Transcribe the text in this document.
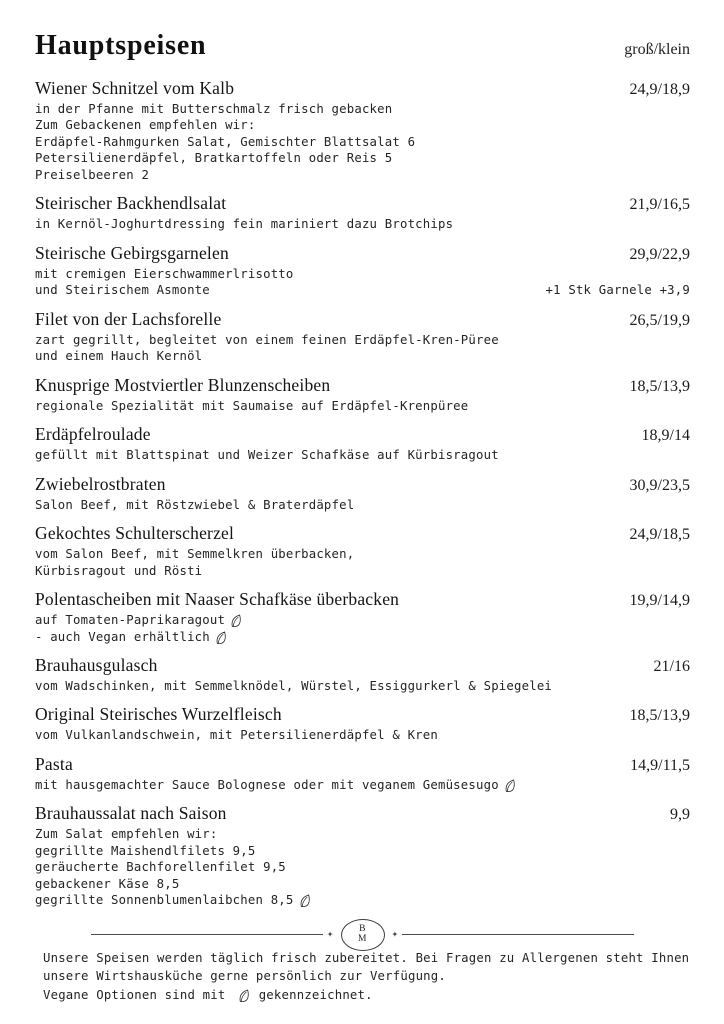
Hauptspeisen	groß/klein
Wiener Schnitzel vom Kalb	24,9/18,9
in der Pfanne mit Butterschmalz frisch gebacken
Zum Gebackenen empfehlen wir:
Erdäpfel-Rahmgurken Salat, Gemischter Blattsalat 6
Petersilienerdäpfel, Bratkartoffeln oder Reis 5
Preiselbeeren 2
Steirischer Backhendlsalat	21,9/16,5
in Kernöl-Joghurtdressing fein mariniert dazu Brotchips
Steirische Gebirgsgarnelen	29,9/22,9
mit cremigen Eierschwammerlrisotto
und Steirischem Asmonte	+1 Stk Garnele +3,9
Filet von der Lachsforelle	26,5/19,9
zart gegrillt, begleitet von einem feinen Erdäpfel-Kren-Püree
und einem Hauch Kernöl
Knusprige Mostviertler Blunzenscheiben	18,5/13,9
regionale Spezialität mit Saumaise auf Erdäpfel-Krenpüree
Erdäpfelroulade	18,9/14
gefüllt mit Blattspinat und Weizer Schafkäse auf Kürbisragout
Zwiebelrostbraten	30,9/23,5
Salon Beef, mit Röstzwiebel & Braterdäpfel
Gekochtes Schulterscherzel	24,9/18,5
vom Salon Beef, mit Semmelkren überbacken,
Kürbisragout und Rösti
Polentascheiben mit Naaser Schafkäse überbacken	19,9/14,9
auf Tomaten-Paprikaragout
- auch Vegan erhältlich
Brauhausgulasch	21/16
vom Wadschinken, mit Semmelknödel, Würstel, Essiggurkerl & Spiegelei
Original Steirisches Wurzelfleisch	18,5/13,9
vom Vulkanlandschwein, mit Petersilienerdäpfel & Kren
Pasta	14,9/11,5
mit hausgemachter Sauce Bolognese oder mit veganem Gemüsesugo
Brauhaussalat nach Saison	9,9
Zum Salat empfehlen wir:
gegrillte Maishendlfilets 9,5
geräucherte Bachforellenfilet 9,5
gebackener Käse 8,5
gegrillte Sonnenblumenlaibchen 8,5
✦
B
M	✦
Unsere Speisen werden täglich frisch zubereitet. Bei Fragen zu Allergenen steht Ihnen
unsere Wirtshausküche gerne persönlich zur Verfügung.
Vegane Optionen sind mit gekennzeichnet.
